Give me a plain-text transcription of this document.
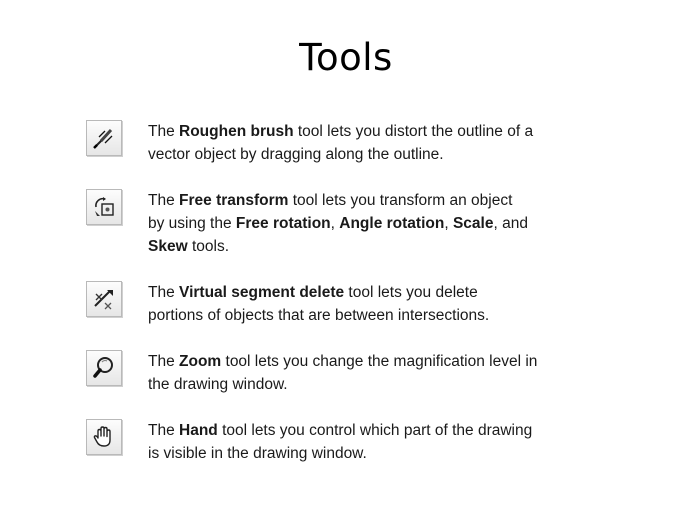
Tools
The Roughen brush tool lets you distort the outline of a
vector object by dragging along the outline.
The Free transform tool lets you transform an object
by using the Free rotation, Angle rotation, Scale, and
Skew tools.
The Virtual segment delete tool lets you delete
portions of objects that are between intersections.
The Zoom tool lets you change the magnification level in
the drawing window.
The Hand tool lets you control which part of the drawing
is visible in the drawing window.
